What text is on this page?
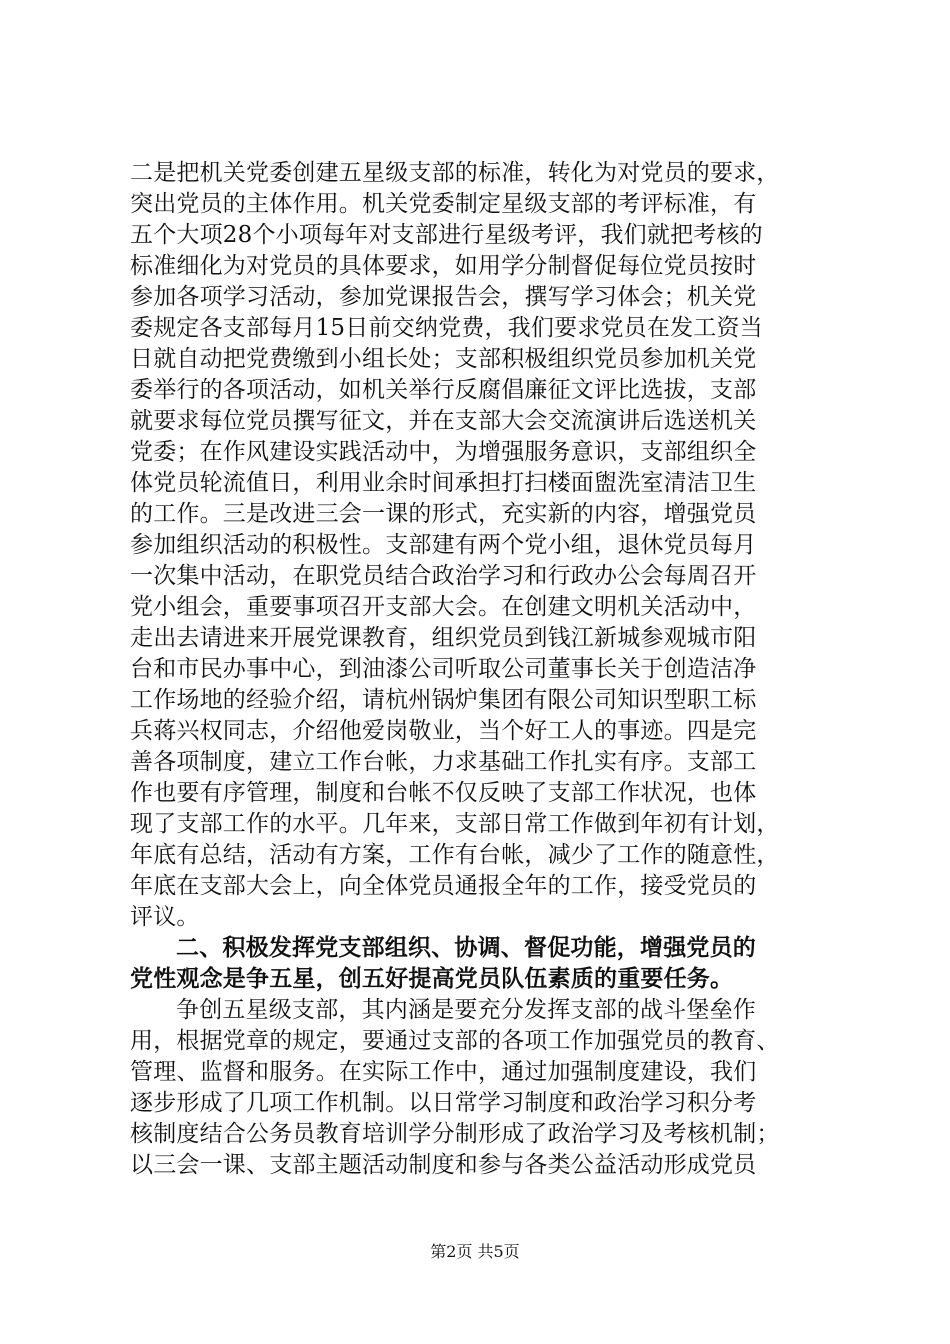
二是把机关党委创建五星级支部的标准，转化为对党员的要求，
突出党员的主体作用。机关党委制定星级支部的考评标准，有
五个大项28个小项每年对支部进行星级考评，我们就把考核的
标准细化为对党员的具体要求，如用学分制督促每位党员按时
参加各项学习活动，参加党课报告会，撰写学习体会；机关党
委规定各支部每月15日前交纳党费，我们要求党员在发工资当
日就自动把党费缴到小组长处；支部积极组织党员参加机关党
委举行的各项活动，如机关举行反腐倡廉征文评比选拔，支部
就要求每位党员撰写征文，并在支部大会交流演讲后选送机关
党委；在作风建设实践活动中，为增强服务意识，支部组织全
体党员轮流值日，利用业余时间承担打扫楼面盥洗室清洁卫生
的工作。三是改进三会一课的形式，充实新的内容，增强党员
参加组织活动的积极性。支部建有两个党小组，退休党员每月
一次集中活动，在职党员结合政治学习和行政办公会每周召开
党小组会，重要事项召开支部大会。在创建文明机关活动中，
走出去请进来开展党课教育，组织党员到钱江新城参观城市阳
台和市民办事中心，到油漆公司听取公司董事长关于创造洁净
工作场地的经验介绍，请杭州锅炉集团有限公司知识型职工标
兵蒋兴权同志，介绍他爱岗敬业，当个好工人的事迹。四是完
善各项制度，建立工作台帐，力求基础工作扎实有序。支部工
作也要有序管理，制度和台帐不仅反映了支部工作状况，也体
现了支部工作的水平。几年来，支部日常工作做到年初有计划，
年底有总结，活动有方案，工作有台帐，减少了工作的随意性，
年底在支部大会上，向全体党员通报全年的工作，接受党员的
评议。
二、积极发挥党支部组织、协调、督促功能，增强党员的
党性观念是争五星，创五好提高党员队伍素质的重要任务。
争创五星级支部，其内涵是要充分发挥支部的战斗堡垒作
用，根据党章的规定，要通过支部的各项工作加强党员的教育、
管理、监督和服务。在实际工作中，通过加强制度建设，我们
逐步形成了几项工作机制。以日常学习制度和政治学习积分考
核制度结合公务员教育培训学分制形成了政治学习及考核机制；
以三会一课、支部主题活动制度和参与各类公益活动形成党员
第2页 共5页
